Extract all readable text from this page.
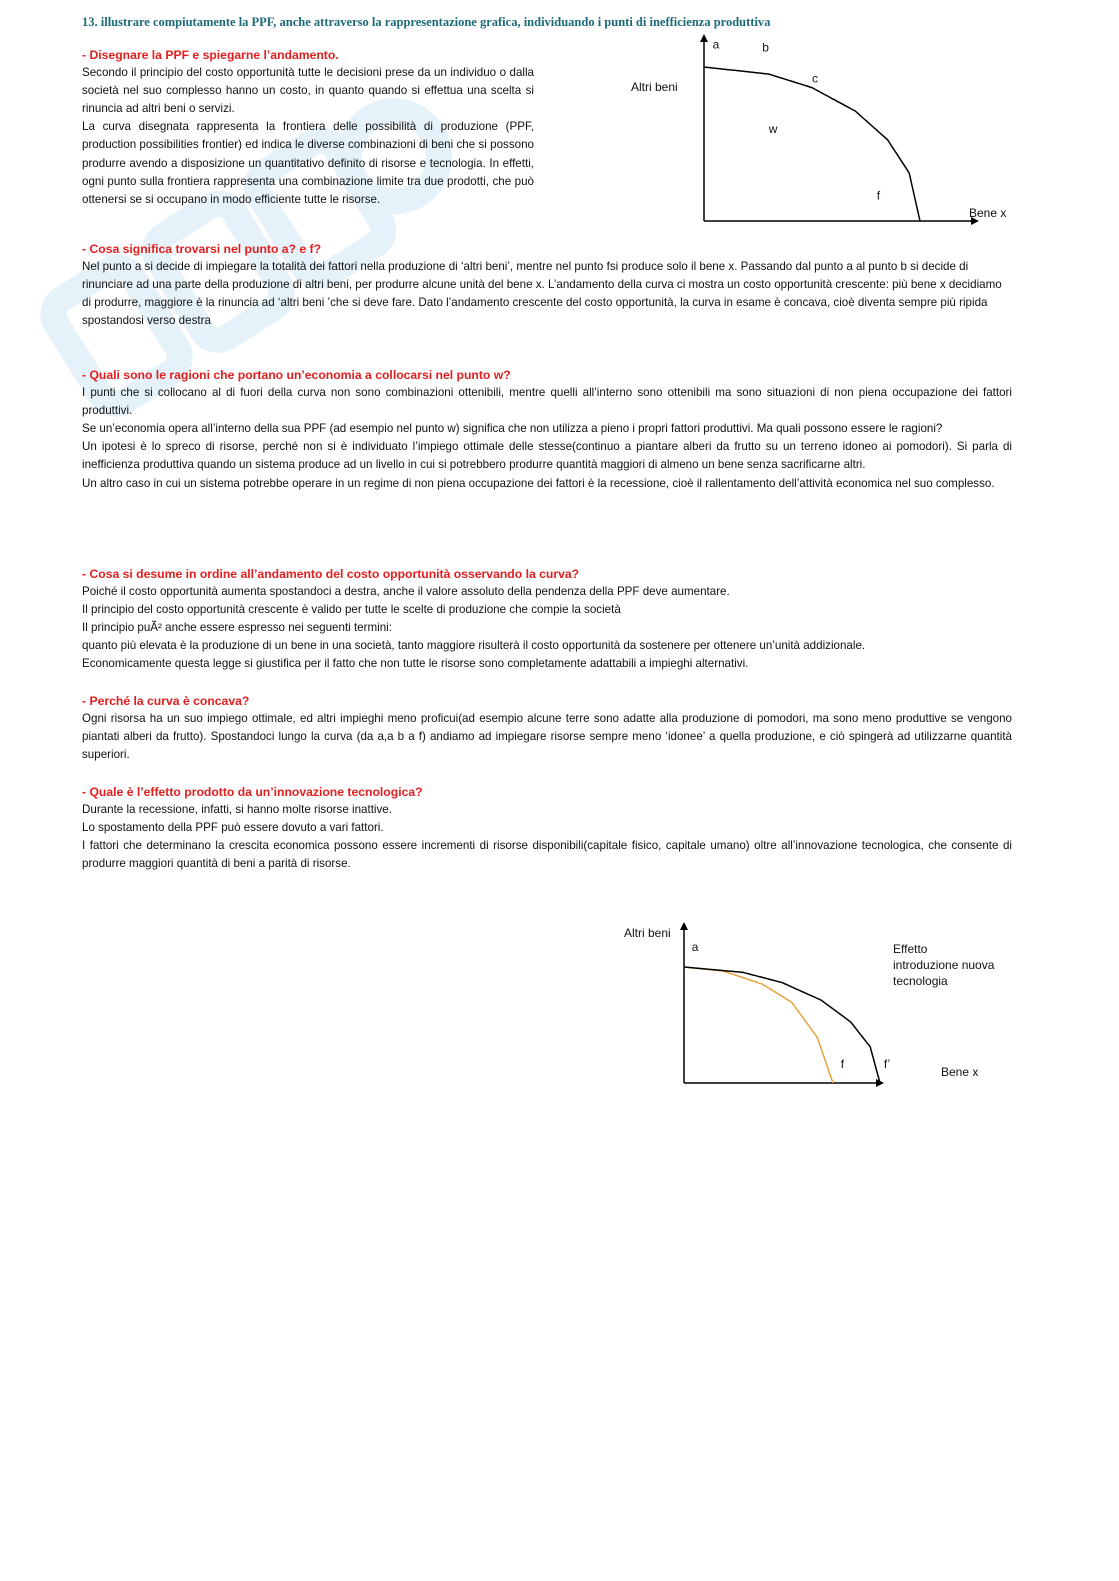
13. illustrare compiutamente la PPF, anche attraverso la rappresentazione grafica, individuando i punti di inefficienza produttiva

- Disegnare la PPF e spiegarne l’andamento.

Secondo il principio del costo opportunità tutte le decisioni prese da un individuo o dalla società nel suo complesso hanno un costo, in quanto quando si effettua una scelta si rinuncia ad altri beni o servizi.

La curva disegnata rappresenta la frontiera delle possibilità di produzione (PPF, production possibilities frontier) ed indica le diverse combinazioni di beni che si possono produrre avendo a disposizione un quantitativo definito di risorse e tecnologia. In effetti, ogni punto sulla frontiera rappresenta una combinazione limite tra due prodotti, che può ottenersi se si occupano in modo efficiente tutte le risorse.

Altri beni
Bene x
a	b
c
w
f

- Cosa significa trovarsi nel punto a? e f?

Nel punto a si decide di impiegare la totalità dei fattori nella produzione di ‘altri beni’, mentre nel punto fsi produce solo il bene x. Passando dal punto a al punto b si decide di rinunciare ad una parte della produzione di altri beni, per produrre alcune unità del bene x. L’andamento della curva ci mostra un costo opportunità crescente: più bene x decidiamo di produrre, maggiore è la rinuncia ad ‘altri beni ’che si deve fare. Dato l’andamento crescente del costo opportunità, la curva in esame è concava, cioè diventa sempre più ripida spostandosi verso destra

- Quali sono le ragioni che portano un’economia a collocarsi nel punto w?

I punti che si collocano al di fuori della curva non sono combinazioni ottenibili, mentre quelli all’interno sono ottenibili ma sono situazioni di non piena occupazione dei fattori produttivi.

Se un’economia opera all’interno della sua PPF (ad esempio nel punto w) significa che non utilizza a pieno i propri fattori produttivi. Ma quali possono essere le ragioni?

Un ipotesi è lo spreco di risorse, perché non si è individuato l’impiego ottimale delle stesse(continuo a piantare alberi da frutto su un terreno idoneo ai pomodori). Si parla di inefficienza produttiva quando un sistema produce ad un livello in cui si potrebbero produrre quantità maggiori di almeno un bene senza sacrificarne altri.

Un altro caso in cui un sistema potrebbe operare in un regime di non piena occupazione dei fattori è la recessione, cioè il rallentamento dell’attività economica nel suo complesso.

- Cosa si desume in ordine all’andamento del costo opportunità osservando la curva?

Poiché il costo opportunità aumenta spostandoci a destra, anche il valore assoluto della pendenza della PPF deve aumentare.

Il principio del costo opportunità crescente è valido per tutte le scelte di produzione che compie la società

Il principio puÃ² anche essere espresso nei seguenti termini:

quanto più elevata è la produzione di un bene in una società, tanto maggiore risulterà il costo opportunità da sostenere per ottenere un’unità addizionale.

Economicamente questa legge si giustifica per il fatto che non tutte le risorse sono completamente adattabili a impieghi alternativi.

- Perché la curva è concava?

Ogni risorsa ha un suo impiego ottimale, ed altri impieghi meno proficui(ad esempio alcune terre sono adatte alla produzione di pomodori, ma sono meno produttive se vengono piantati alberi da frutto). Spostandoci lungo la curva (da a,a b a f) andiamo ad impiegare risorse sempre meno ‘idonee’ a quella produzione, e ciò spingerà ad utilizzarne quantità superiori.

- Quale è l’effetto prodotto da un’innovazione tecnologica?

Durante la recessione, infatti, si hanno molte risorse inattive.

Lo spostamento della PPF può essere dovuto a vari fattori.

I fattori che determinano la crescita economica possono essere incrementi di risorse disponibili(capitale fisico, capitale umano) oltre all’innovazione tecnologica, che consente di produrre maggiori quantità di beni a parità di risorse.

Altri beni
Bene x
Effetto introduzione nuova tecnologia
a
f	f’
